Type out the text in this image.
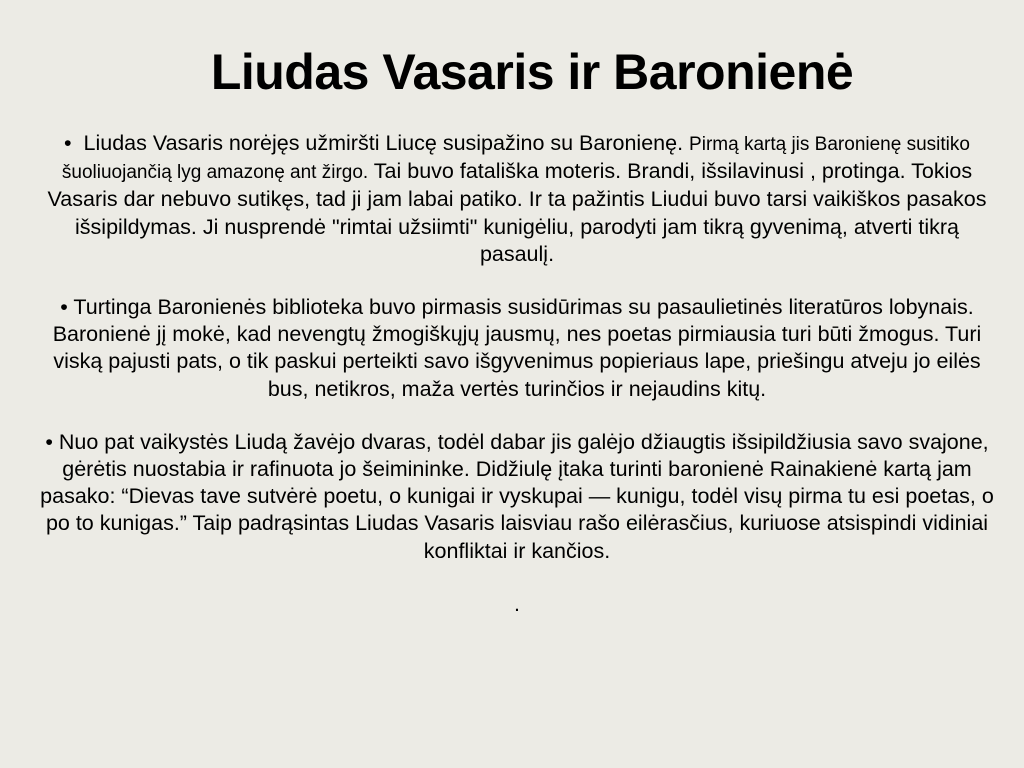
Liudas Vasaris ir Baronienė

• Liudas Vasaris norėjęs užmiršti Liucę susipažino su Baronienę. Pirmą kartą jis Baronienę susitiko šuoliuojančią lyg amazonę ant žirgo. Tai buvo fatališka moteris. Brandi, išsilavinusi , protinga. Tokios Vasaris dar nebuvo sutikęs, tad ji jam labai patiko. Ir ta pažintis Liudui buvo tarsi vaikiškos pasakos išsipildymas. Ji nusprendė "rimtai užsiimti" kunigėliu, parodyti jam tikrą gyvenimą, atverti tikrą pasaulį.

• Turtinga Baronienės biblioteka buvo pirmasis susidūrimas su pasaulietinės literatūros lobynais. Baronienė jį mokė, kad nevengtų žmogiškųjų jausmų, nes poetas pirmiausia turi būti žmogus. Turi viską pajusti pats, o tik paskui perteikti savo išgyvenimus popieriaus lape, priešingu atveju jo eilės bus, netikros, maža vertės turinčios ir nejaudins kitų.

• Nuo pat vaikystės Liudą žavėjo dvaras, todėl dabar jis galėjo džiaugtis išsipildžiusia savo svajone, gėrėtis nuostabia ir rafinuota jo šeimininke. Didžiulę įtaka turinti baronienė Rainakienė kartą jam pasako: “Dievas tave sutvėrė poetu, o kunigai ir vyskupai — kunigu, todėl visų pirma tu esi poetas, o po to kunigas.” Taip padrąsintas Liudas Vasaris laisviau rašo eilėrasčius, kuriuose atsispindi vidiniai konfliktai ir kančios.

.
